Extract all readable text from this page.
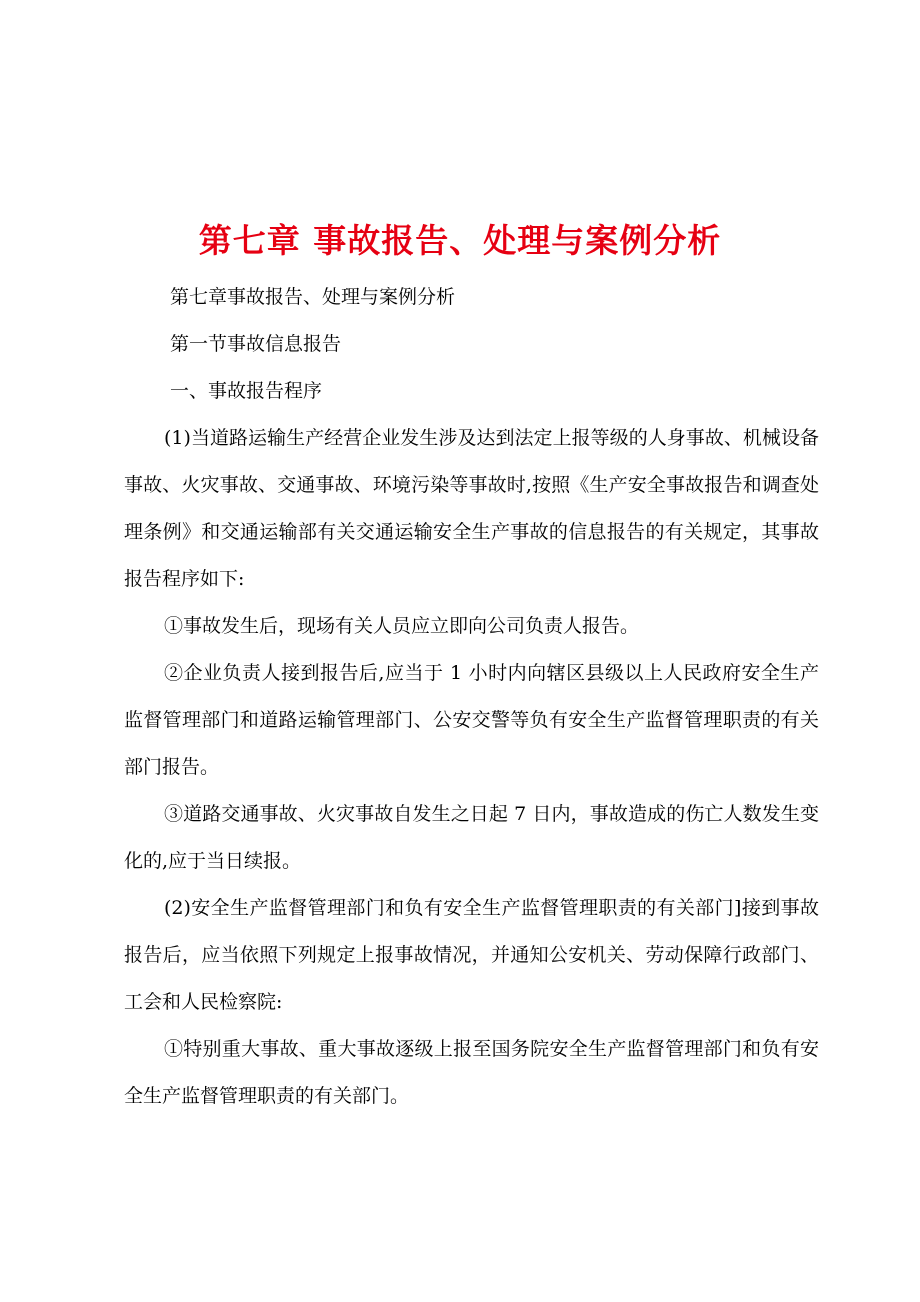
第七章 事故报告、处理与案例分析

第七章事故报告、处理与案例分析

第一节事故信息报告

一、事故报告程序

(1)当道路运输生产经营企业发生涉及达到法定上报等级的人身事故、机械设备事故、火灾事故、交通事故、环境污染等事故时,按照《生产安全事故报告和调查处理条例》和交通运输部有关交通运输安全生产事故的信息报告的有关规定，其事故报告程序如下:

①事故发生后，现场有关人员应立即向公司负责人报告。

②企业负责人接到报告后,应当于 1 小时内向辖区县级以上人民政府安全生产监督管理部门和道路运输管理部门、公安交警等负有安全生产监督管理职责的有关部门报告。

③道路交通事故、火灾事故自发生之日起 7 日内，事故造成的伤亡人数发生变化的,应于当日续报。

(2)安全生产监督管理部门和负有安全生产监督管理职责的有关部门]接到事故报告后，应当依照下列规定上报事故情况，并通知公安机关、劳动保障行政部门、工会和人民检察院:

①特别重大事故、重大事故逐级上报至国务院安全生产监督管理部门和负有安全生产监督管理职责的有关部门。
